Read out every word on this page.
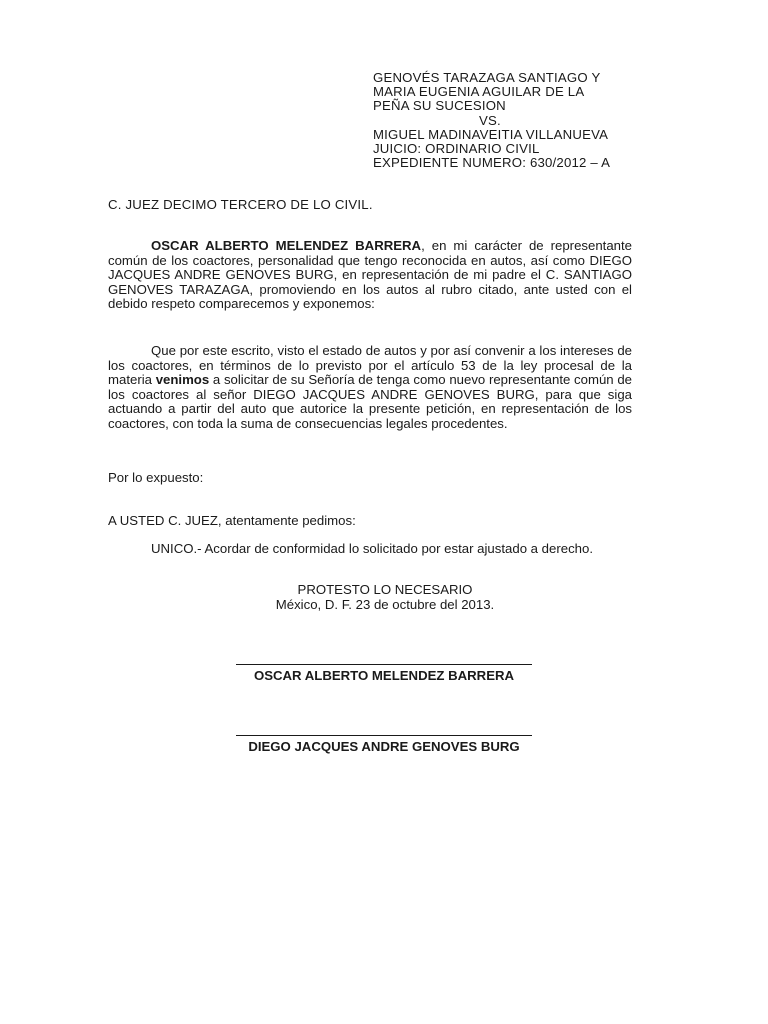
GENOVÉS TARAZAGA SANTIAGO Y
MARIA EUGENIA AGUILAR DE LA
PEÑA SU SUCESION
VS.
MIGUEL MADINAVEITIA VILLANUEVA
JUICIO: ORDINARIO CIVIL
EXPEDIENTE NUMERO: 630/2012 – A
C. JUEZ DECIMO TERCERO DE LO CIVIL.

OSCAR ALBERTO MELENDEZ BARRERA, en mi carácter de representante común de los coactores, personalidad que tengo reconocida en autos, así como DIEGO JACQUES ANDRE GENOVES BURG, en representación de mi padre el C. SANTIAGO GENOVES TARAZAGA, promoviendo en los autos al rubro citado, ante usted con el debido respeto comparecemos y exponemos:

Que por este escrito, visto el estado de autos y por así convenir a los intereses de los coactores, en términos de lo previsto por el artículo 53 de la ley procesal de la materia venimos a solicitar de su Señoría de tenga como nuevo representante común de los coactores al señor DIEGO JACQUES ANDRE GENOVES BURG, para que siga actuando a partir del auto que autorice la presente petición, en representación de los coactores, con toda la suma de consecuencias legales procedentes.

Por lo expuesto:
A USTED C. JUEZ, atentamente pedimos:
UNICO.- Acordar de conformidad lo solicitado por estar ajustado a derecho.
PROTESTO LO NECESARIO
México, D. F. 23 de octubre del 2013.
OSCAR ALBERTO MELENDEZ BARRERA
DIEGO JACQUES ANDRE GENOVES BURG
